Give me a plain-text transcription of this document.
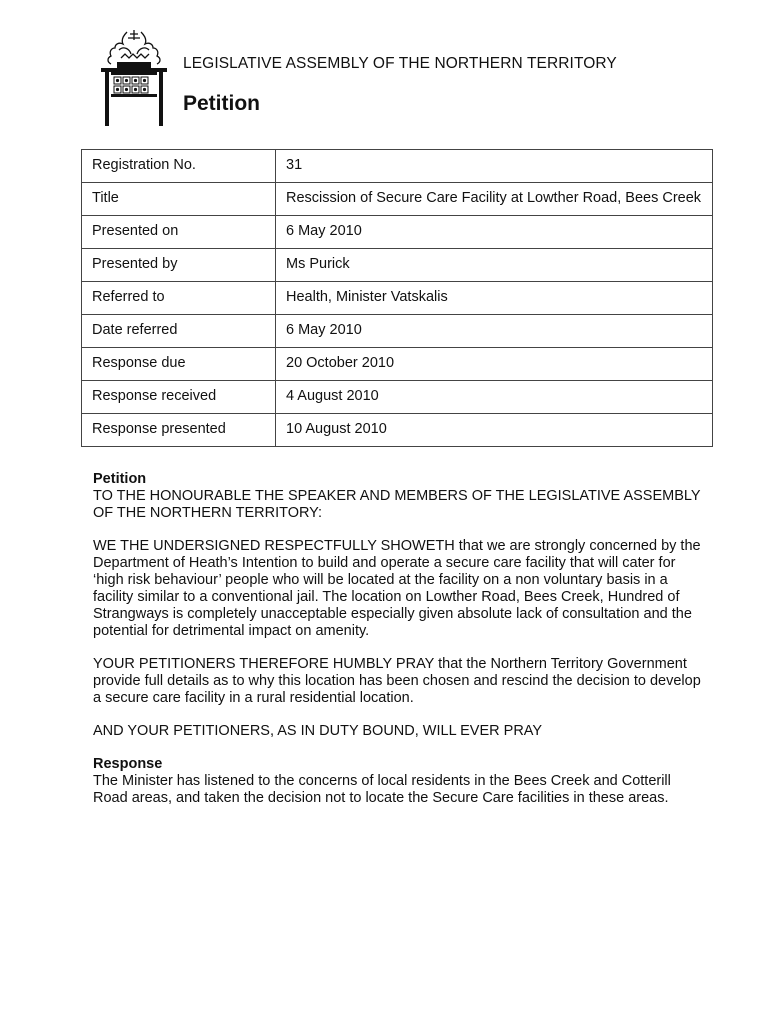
LEGISLATIVE ASSEMBLY OF THE NORTHERN TERRITORY
Petition
Registration No.	31
Title	Rescission of Secure Care Facility at Lowther Road, Bees Creek
Presented on	6 May 2010
Presented by	Ms Purick
Referred to	Health, Minister Vatskalis
Date referred	6 May 2010
Response due	20 October 2010
Response received	4 August 2010
Response presented	10 August 2010

Petition
TO THE HONOURABLE THE SPEAKER AND MEMBERS OF THE LEGISLATIVE ASSEMBLY OF THE NORTHERN TERRITORY:

WE THE UNDERSIGNED RESPECTFULLY SHOWETH that we are strongly concerned by the Department of Heath’s Intention to build and operate a secure care facility that will cater for ‘high risk behaviour’ people who will be located at the facility on a non voluntary basis in a facility similar to a conventional jail. The location on Lowther Road, Bees Creek, Hundred of Strangways is completely unacceptable especially given absolute lack of consultation and the potential for detrimental impact on amenity.

YOUR PETITIONERS THEREFORE HUMBLY PRAY that the Northern Territory Government provide full details as to why this location has been chosen and rescind the decision to develop a secure care facility in a rural residential location.

AND YOUR PETITIONERS, AS IN DUTY BOUND, WILL EVER PRAY

Response
The Minister has listened to the concerns of local residents in the Bees Creek and Cotterill Road areas, and taken the decision not to locate the Secure Care facilities in these areas.
